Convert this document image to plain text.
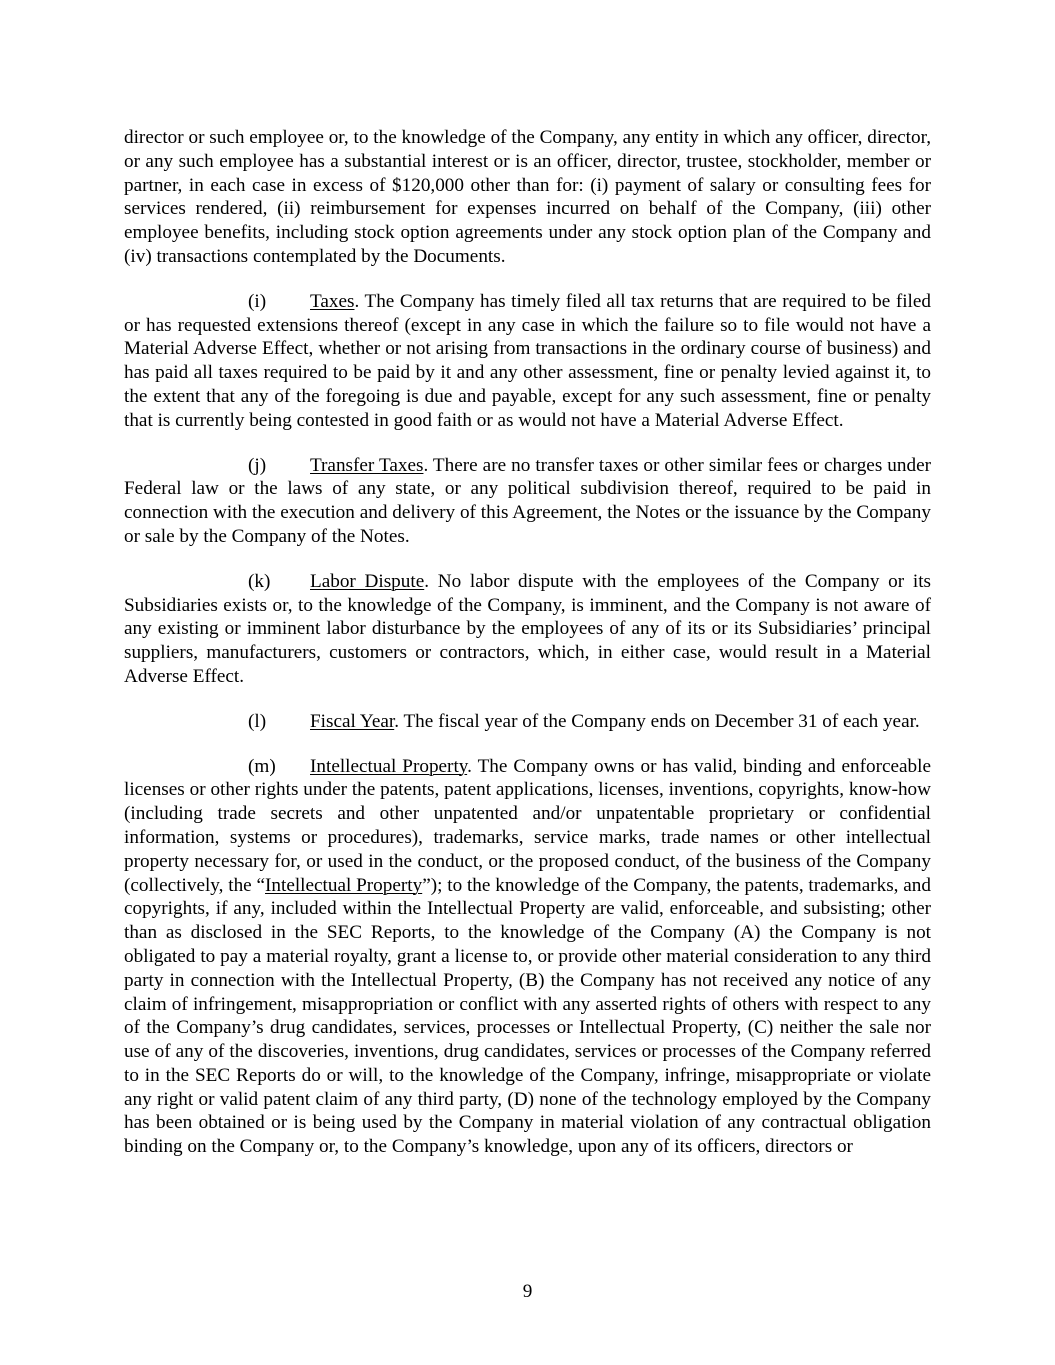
director or such employee or, to the knowledge of the Company, any entity in which any officer, director, or any such employee has a substantial interest or is an officer, director, trustee, stockholder, member or partner, in each case in excess of $120,000 other than for: (i) payment of salary or consulting fees for services rendered, (ii) reimbursement for expenses incurred on behalf of the Company, (iii) other employee benefits, including stock option agreements under any stock option plan of the Company and (iv) transactions contemplated by the Documents.

(i) Taxes. The Company has timely filed all tax returns that are required to be filed or has requested extensions thereof (except in any case in which the failure so to file would not have a Material Adverse Effect, whether or not arising from transactions in the ordinary course of business) and has paid all taxes required to be paid by it and any other assessment, fine or penalty levied against it, to the extent that any of the foregoing is due and payable, except for any such assessment, fine or penalty that is currently being contested in good faith or as would not have a Material Adverse Effect.

(j) Transfer Taxes. There are no transfer taxes or other similar fees or charges under Federal law or the laws of any state, or any political subdivision thereof, required to be paid in connection with the execution and delivery of this Agreement, the Notes or the issuance by the Company or sale by the Company of the Notes.

(k) Labor Dispute. No labor dispute with the employees of the Company or its Subsidiaries exists or, to the knowledge of the Company, is imminent, and the Company is not aware of any existing or imminent labor disturbance by the employees of any of its or its Subsidiaries’ principal suppliers, manufacturers, customers or contractors, which, in either case, would result in a Material Adverse Effect.

(l) Fiscal Year. The fiscal year of the Company ends on December 31 of each year.

(m) Intellectual Property. The Company owns or has valid, binding and enforceable licenses or other rights under the patents, patent applications, licenses, inventions, copyrights, know-how (including trade secrets and other unpatented and/or unpatentable proprietary or confidential information, systems or procedures), trademarks, service marks, trade names or other intellectual property necessary for, or used in the conduct, or the proposed conduct, of the business of the Company (collectively, the “Intellectual Property”); to the knowledge of the Company, the patents, trademarks, and copyrights, if any, included within the Intellectual Property are valid, enforceable, and subsisting; other than as disclosed in the SEC Reports, to the knowledge of the Company (A) the Company is not obligated to pay a material royalty, grant a license to, or provide other material consideration to any third party in connection with the Intellectual Property, (B) the Company has not received any notice of any claim of infringement, misappropriation or conflict with any asserted rights of others with respect to any of the Company’s drug candidates, services, processes or Intellectual Property, (C) neither the sale nor use of any of the discoveries, inventions, drug candidates, services or processes of the Company referred to in the SEC Reports do or will, to the knowledge of the Company, infringe, misappropriate or violate any right or valid patent claim of any third party, (D) none of the technology employed by the Company has been obtained or is being used by the Company in material violation of any contractual obligation binding on the Company or, to the Company’s knowledge, upon any of its officers, directors or

9
